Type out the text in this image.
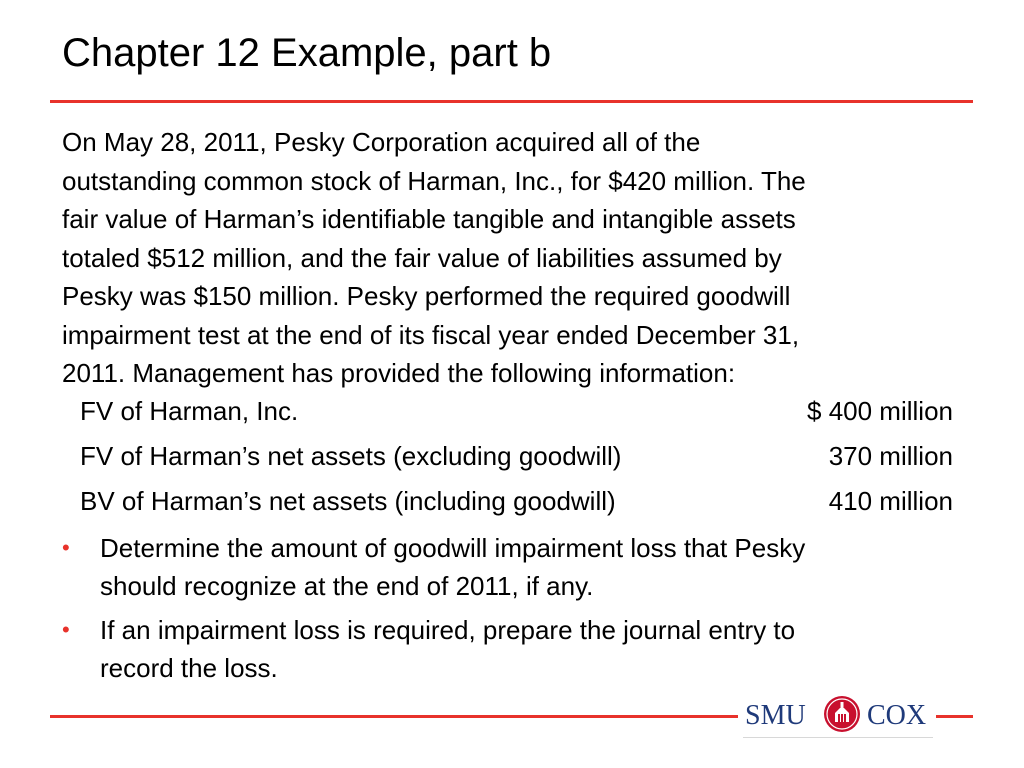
Chapter 12 Example, part b
On May 28, 2011, Pesky Corporation acquired all of the
outstanding common stock of Harman, Inc., for $420 million. The
fair value of Harman’s identifiable tangible and intangible assets
totaled $512 million, and the fair value of liabilities assumed by
Pesky was $150 million. Pesky performed the required goodwill
impairment test at the end of its fiscal year ended December 31,
2011. Management has provided the following information:
FV of Harman, Inc.	$ 400 million
FV of Harman’s net assets (excluding goodwill)	370 million
BV of Harman’s net assets (including goodwill)	410 million
• Determine the amount of goodwill impairment loss that Pesky
should recognize at the end of 2011, if any.
• If an impairment loss is required, prepare the journal entry to
record the loss.
SMU COX
